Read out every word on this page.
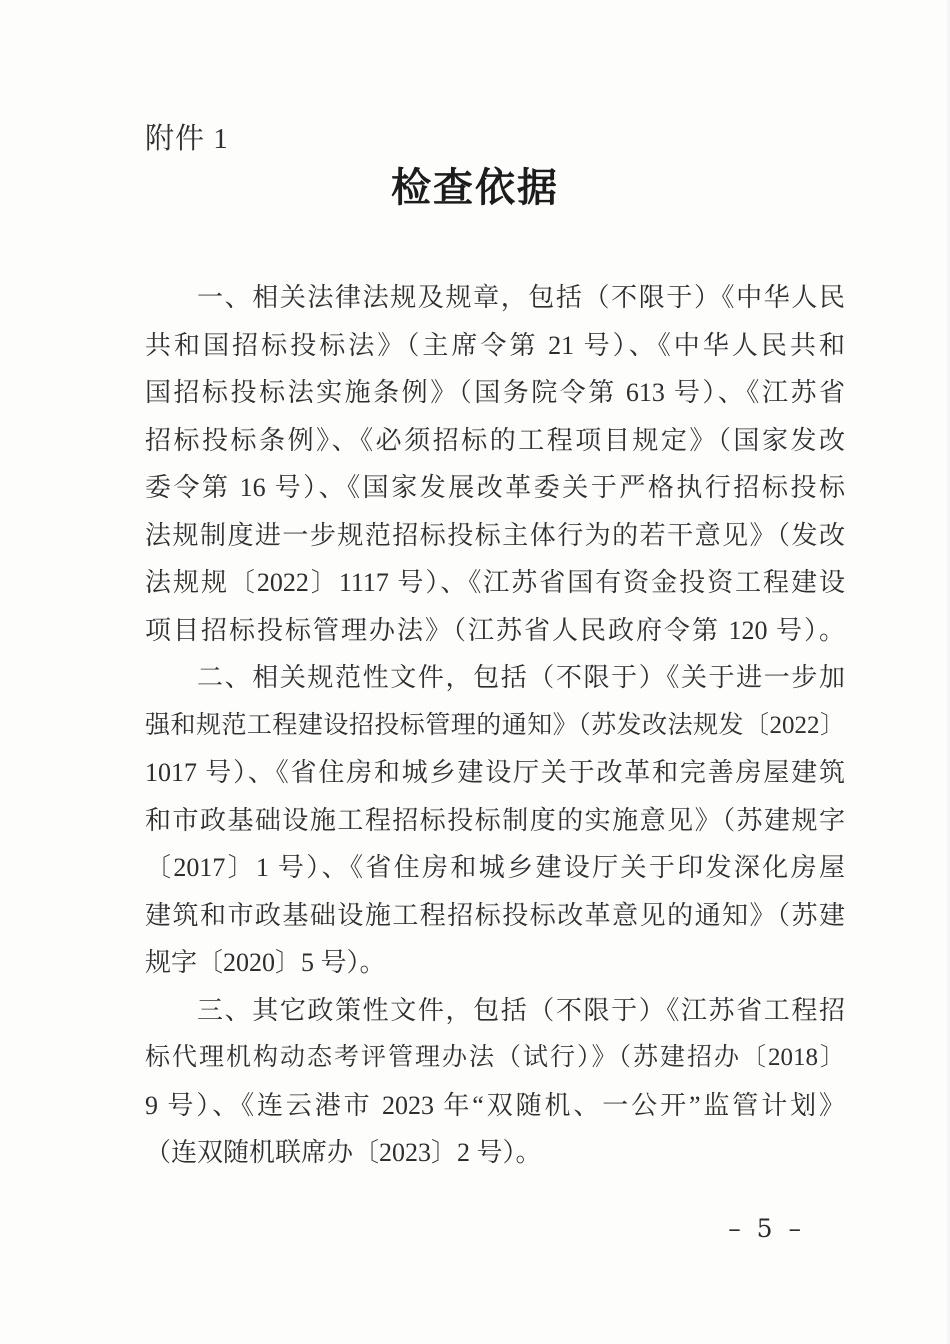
附件 1
检查依据
一、相关法律法规及规章，包括（不限于）《中华人民
共和国招标投标法》（主席令第 21 号）、《中华人民共和
国招标投标法实施条例》（国务院令第 613 号）、《江苏省
招标投标条例》、《必须招标的工程项目规定》（国家发改
委令第 16 号）、《国家发展改革委关于严格执行招标投标
法规制度进一步规范招标投标主体行为的若干意见》（发改
法规规〔2022〕1117 号）、《江苏省国有资金投资工程建设
项目招标投标管理办法》（江苏省人民政府令第 120 号）。
二、相关规范性文件，包括（不限于）《关于进一步加
强和规范工程建设招投标管理的通知》（苏发改法规发〔2022〕
1017 号）、《省住房和城乡建设厅关于改革和完善房屋建筑
和市政基础设施工程招标投标制度的实施意见》（苏建规字
〔2017〕1 号）、《省住房和城乡建设厅关于印发深化房屋
建筑和市政基础设施工程招标投标改革意见的通知》（苏建
规字〔2020〕5 号）。
三、其它政策性文件，包括（不限于）《江苏省工程招
标代理机构动态考评管理办法（试行）》（苏建招办〔2018〕
9 号）、《连云港市 2023 年“双随机、一公开”监管计划》
（连双随机联席办〔2023〕2 号）。
– 5 –
